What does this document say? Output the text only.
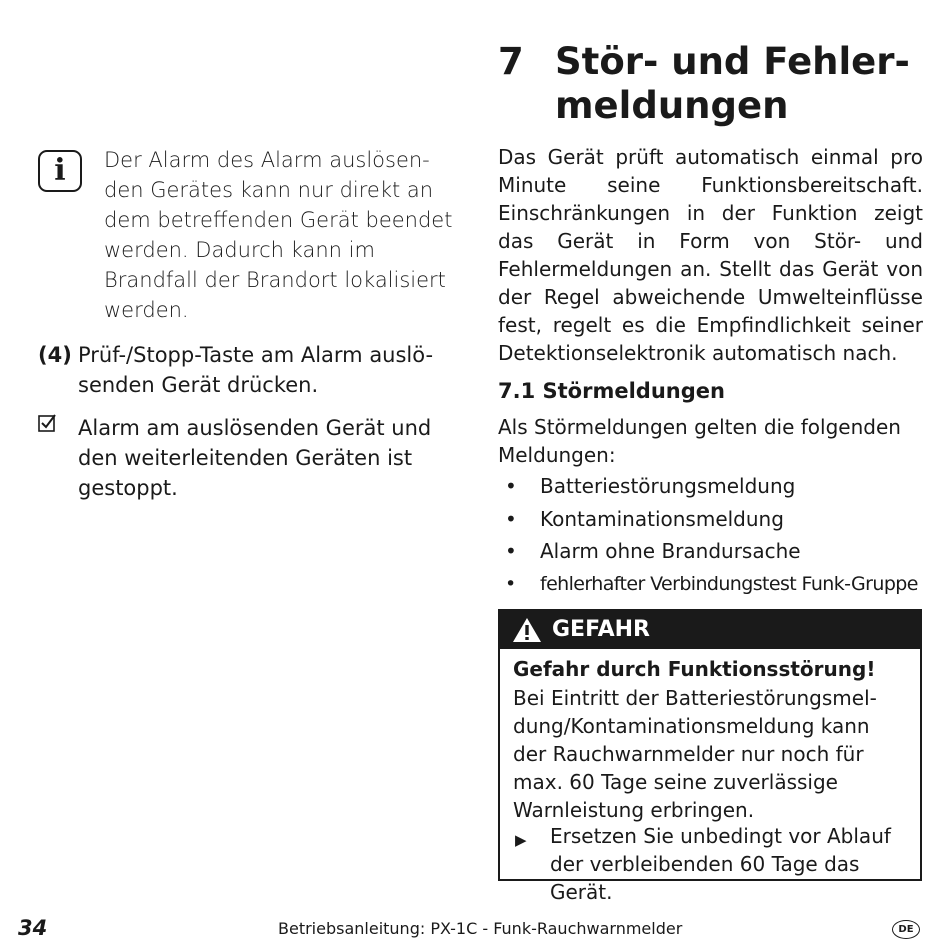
i	Der Alarm des Alarm auslösen-den Gerätes kann nur direkt an dem betreffenden Gerät beendet werden. Dadurch kann im Brandfall der Brandort lokalisiert werden.
(4) Prüf-/Stopp-Taste am Alarm auslö-senden Gerät drücken.
Alarm am auslösenden Gerät und den weiterleitenden Geräten ist gestoppt.
7 Stör- und Fehler-meldungen
Das Gerät prüft automatisch einmal pro Minute seine Funktionsbereitschaft. Einschränkungen in der Funktion zeigt das Gerät in Form von Stör- und Fehlermeldungen an. Stellt das Gerät von der Regel abweichende Umwelteinflüsse fest, regelt es die Empfindlichkeit seiner Detektionselektronik automatisch nach.
7.1 Störmeldungen
Als Störmeldungen gelten die folgenden Meldungen:
• Batteriestörungsmeldung
• Kontaminationsmeldung
• Alarm ohne Brandursache
• fehlerhafter Verbindungstest Funk-Gruppe
GEFAHR
Gefahr durch Funktionsstörung!
Bei Eintritt der Batteriestörungsmel-dung/Kontaminationsmeldung kann der Rauchwarnmelder nur noch für max. 60 Tage seine zuverlässige Warnleistung erbringen.
▶ Ersetzen Sie unbedingt vor Ablauf der verbleibenden 60 Tage das Gerät.
34	Betriebsanleitung: PX-1C - Funk-Rauchwarnmelder	DE
